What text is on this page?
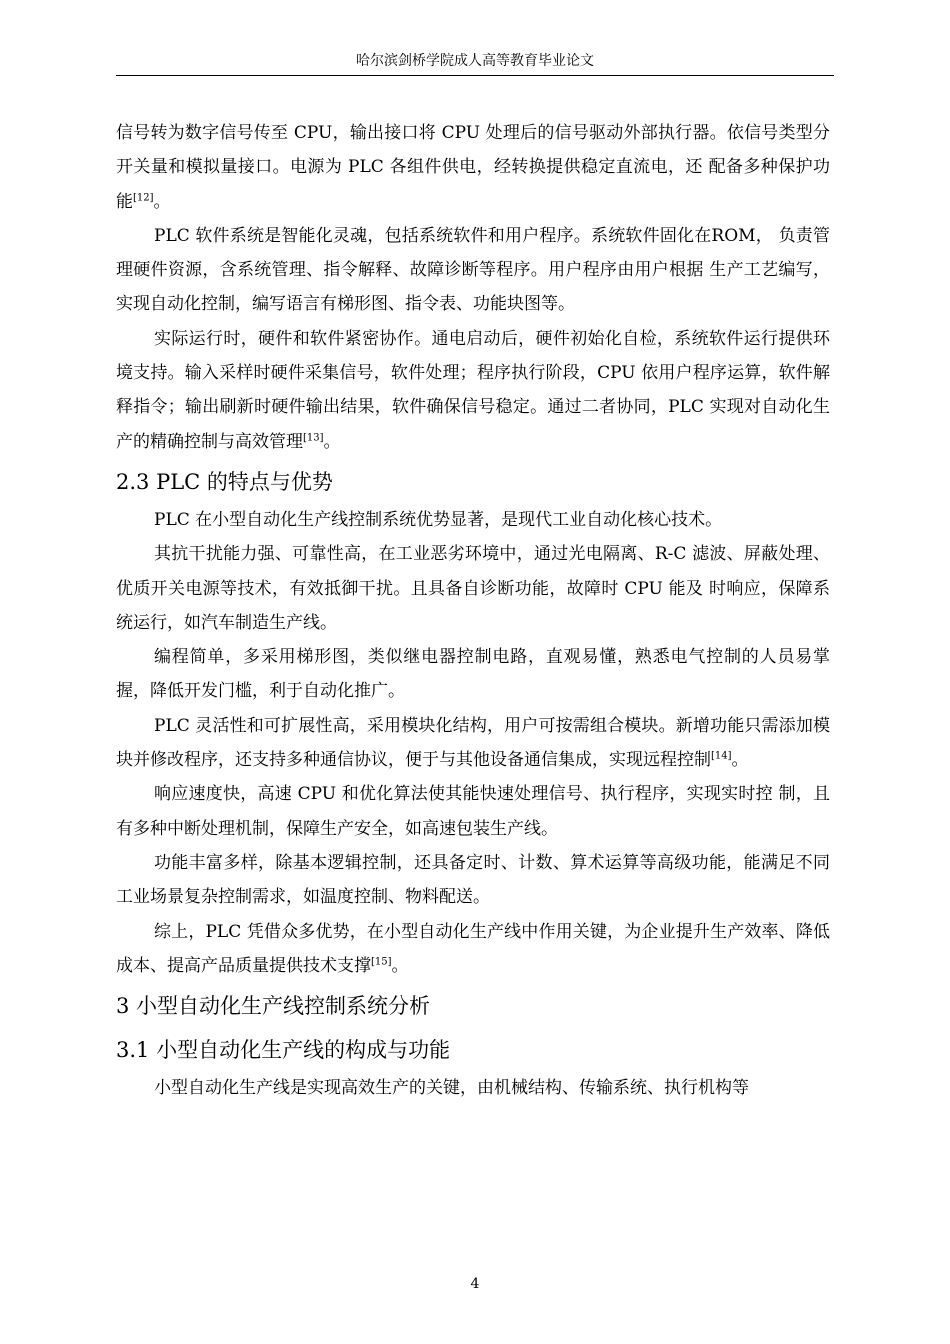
哈尔滨剑桥学院成人高等教育毕业论文

信号转为数字信号传至 CPU，输出接口将 CPU 处理后的信号驱动外部执行器。依信号类型分开关量和模拟量接口。电源为 PLC 各组件供电，经转换提供稳定直流电，还 配备多种保护功能[12]。

PLC 软件系统是智能化灵魂，包括系统软件和用户程序。系统软件固化在ROM， 负责管理硬件资源，含系统管理、指令解释、故障诊断等程序。用户程序由用户根据 生产工艺编写，实现自动化控制，编写语言有梯形图、指令表、功能块图等。

实际运行时，硬件和软件紧密协作。通电启动后，硬件初始化自检，系统软件运行提供环境支持。输入采样时硬件采集信号，软件处理；程序执行阶段，CPU 依用户程序运算，软件解释指令；输出刷新时硬件输出结果，软件确保信号稳定。通过二者协同，PLC 实现对自动化生产的精确控制与高效管理[13]。

2.3 PLC 的特点与优势

PLC 在小型自动化生产线控制系统优势显著，是现代工业自动化核心技术。

其抗干扰能力强、可靠性高，在工业恶劣环境中，通过光电隔离、R-C 滤波、屏蔽处理、优质开关电源等技术，有效抵御干扰。且具备自诊断功能，故障时 CPU 能及 时响应，保障系统运行，如汽车制造生产线。

编程简单，多采用梯形图，类似继电器控制电路，直观易懂，熟悉电气控制的人员易掌握，降低开发门槛，利于自动化推广。

PLC 灵活性和可扩展性高，采用模块化结构，用户可按需组合模块。新增功能只需添加模块并修改程序，还支持多种通信协议，便于与其他设备通信集成，实现远程控制[14]。

响应速度快，高速 CPU 和优化算法使其能快速处理信号、执行程序，实现实时控 制，且有多种中断处理机制，保障生产安全，如高速包装生产线。

功能丰富多样，除基本逻辑控制，还具备定时、计数、算术运算等高级功能，能满足不同工业场景复杂控制需求，如温度控制、物料配送。

综上，PLC 凭借众多优势，在小型自动化生产线中作用关键，为企业提升生产效率、降低成本、提高产品质量提供技术支撑[15]。

3 小型自动化生产线控制系统分析
3.1 小型自动化生产线的构成与功能

小型自动化生产线是实现高效生产的关键，由机械结构、传输系统、执行机构等

4
